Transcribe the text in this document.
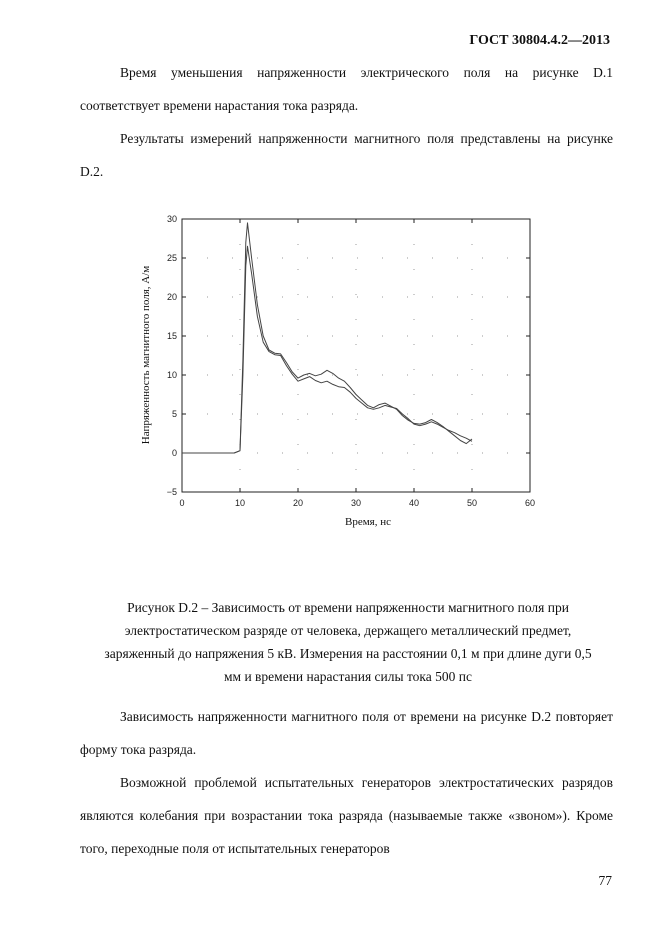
ГОСТ 30804.4.2—2013

Время уменьшения напряженности электрического поля на рисунке D.1 соответствует времени нарастания тока разряда.

Результаты измерений напряженности магнитного поля представлены на рисунке D.2.

0	10	20	30	40	50	60
−5
0
5
10
15
20
25
30
Время, нс
Напряженность магнитного поля, А/м
Рисунок D.2 – Зависимость от времени напряженности магнитного поля при
электростатическом разряде от человека, держащего металлический предмет,
заряженный до напряжения 5 кВ. Измерения на расстоянии 0,1 м при длине дуги 0,5
мм и времени нарастания силы тока 500 пс

Зависимость напряженности магнитного поля от времени на рисунке D.2 повторяет форму тока разряда.

Возможной проблемой испытательных генераторов электростатических разрядов являются колебания при возрастании тока разряда (называемые также «звоном»). Кроме того, переходные поля от испытательных генераторов

77
